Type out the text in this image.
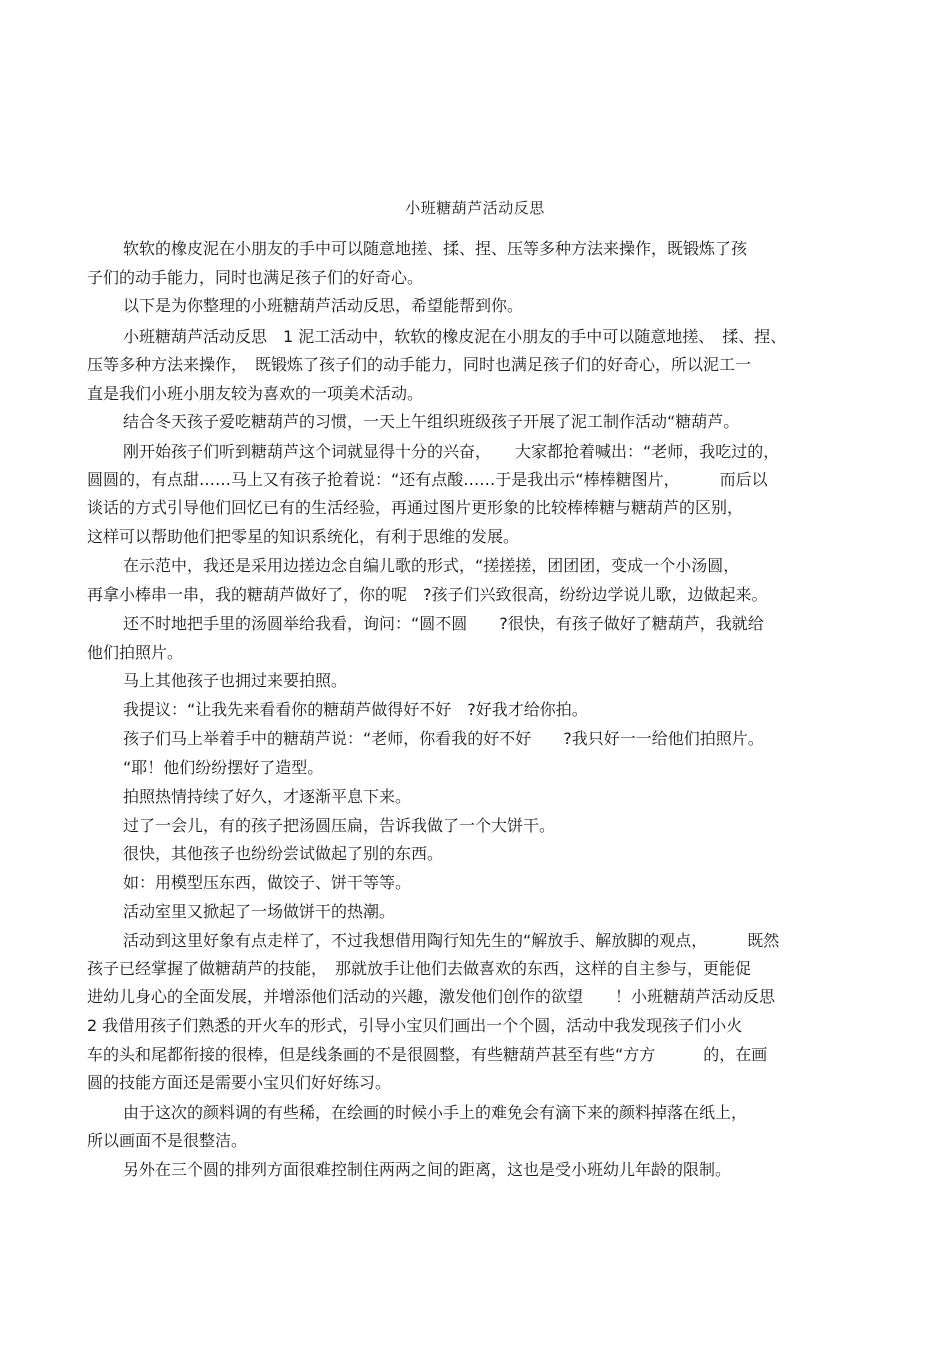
小班糖葫芦活动反思

软软的橡皮泥在小朋友的手中可以随意地搓、揉、捏、压等多种方法来操作，既锻炼了孩

子们的动手能力，同时也满足孩子们的好奇心。

以下是为你整理的小班糖葫芦活动反思，希望能帮到你。

小班糖葫芦活动反思　1 泥工活动中，软软的橡皮泥在小朋友的手中可以随意地搓、　揉、捏、

压等多种方法来操作，　既锻炼了孩子们的动手能力，同时也满足孩子们的好奇心，所以泥工一

直是我们小班小朋友较为喜欢的一项美术活动。

结合冬天孩子爱吃糖葫芦的习惯，一天上午组织班级孩子开展了泥工制作活动“糖葫芦。

刚开始孩子们听到糖葫芦这个词就显得十分的兴奋，　　大家都抢着喊出：“老师，我吃过的，

圆圆的，有点甜……马上又有孩子抢着说：“还有点酸……于是我出示“棒棒糖图片，　　　而后以

谈话的方式引导他们回忆已有的生活经验，再通过图片更形象的比较棒棒糖与糖葫芦的区别，

这样可以帮助他们把零星的知识系统化，有利于思维的发展。

在示范中，我还是采用边搓边念自编儿歌的形式，“搓搓搓，团团团，变成一个小汤圆，

再拿小棒串一串，我的糖葫芦做好了，你的呢　?孩子们兴致很高，纷纷边学说儿歌，边做起来。

还不时地把手里的汤圆举给我看，询问：“圆不圆　　?很快，有孩子做好了糖葫芦，我就给

他们拍照片。

马上其他孩子也拥过来要拍照。

我提议：“让我先来看看你的糖葫芦做得好不好　?好我才给你拍。

孩子们马上举着手中的糖葫芦说：“老师，你看我的好不好　　?我只好一一给他们拍照片。

“耶！他们纷纷摆好了造型。

拍照热情持续了好久，才逐渐平息下来。

过了一会儿，有的孩子把汤圆压扁，告诉我做了一个大饼干。

很快，其他孩子也纷纷尝试做起了别的东西。

如：用模型压东西，做饺子、饼干等等。

活动室里又掀起了一场做饼干的热潮。

活动到这里好象有点走样了，不过我想借用陶行知先生的“解放手、解放脚的观点，　　　既然

孩子已经掌握了做糖葫芦的技能，　那就放手让他们去做喜欢的东西，这样的自主参与，更能促

进幼儿身心的全面发展，并增添他们活动的兴趣，激发他们创作的欲望　　！小班糖葫芦活动反思

2 我借用孩子们熟悉的开火车的形式，引导小宝贝们画出一个个圆，活动中我发现孩子们小火

车的头和尾都衔接的很棒，但是线条画的不是很圆整，有些糖葫芦甚至有些“方方　　　的，在画

圆的技能方面还是需要小宝贝们好好练习。

由于这次的颜料调的有些稀，在绘画的时候小手上的难免会有滴下来的颜料掉落在纸上，

所以画面不是很整洁。

另外在三个圆的排列方面很难控制住两两之间的距离，这也是受小班幼儿年龄的限制。
